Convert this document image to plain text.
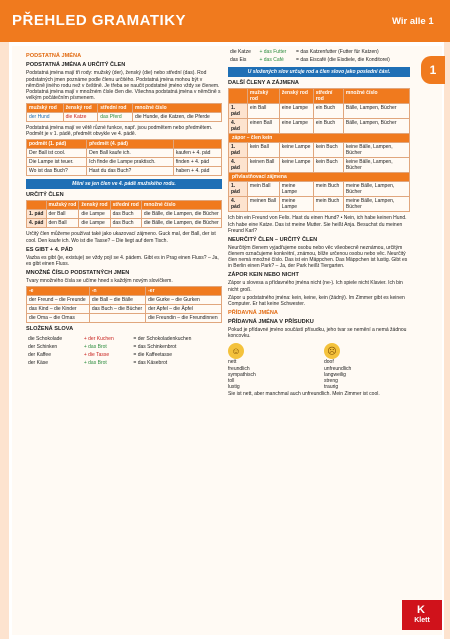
PŘEHLED GRAMATIKY	Wir alle 1
1
PODSTATNÁ JMÉNA
PODSTATNÁ JMÉNA A URČITÝ ČLEN
Podstatná jména mají tři rody: mužský (der), ženský (die) nebo střední (das). Rod podstatných jmen poznáme podle členu určitého. Podstatná jména mohou být v němčině jiného rodu než v češtině. Je třeba se naučit podstatné jméno vždy se členem. Podstatná jména mají v množném čísle člen die. Všechna podstatná jména v němčině s velkým počátečním písmenem.
mužský rod	ženský rod	střední rod	množné číslo
der Hund	die Katze	das Pferd	die Hunde, die Katzen, die Pferde
Podstatná jména mají ve větě různé funkce, např. jsou podmětem nebo předmětem. Podmět je v 1. pádě, předmět obvykle ve 4. pádě.
podmět (1. pád)	předmět (4. pád)	
Der Ball ist cool.	Den Ball kaufe ich.	kaufen + 4. pád
Die Lampe ist teuer.	Ich finde die Lampe praktisch.	finden + 4. pád
Wo ist das Buch?	Hast du das Buch?	haben + 4. pád
Mění se jen člen ve 4. pádě mužského rodu.
URČITÝ ČLEN
	mužský rod	ženský rod	střední rod	množné číslo
1. pád	der Ball	die Lampe	das Buch	die Bälle, die Lampen, die Bücher
4. pád	den Ball	die Lampe	das Buch	die Bälle, die Lampen, die Bücher
Určitý člen můžeme používat také jako ukazovací zájmeno. Guck mal, der Ball, der ist cool. Den kaufe ich. Wo ist die Tasse? – Die liegt auf dem Tisch.
ES GIBT + 4. PÁD
Vazba es gibt (je, existuje) se vždy pojí se 4. pádem. Gibt es in Prag einen Fluss? – Ja, es gibt einen Fluss.
MNOŽNÉ ČÍSLO PODSTATNÝCH JMEN
Tvary množného čísla se učíme hned s každým novým slovíčkem.
-e	-n	-er
der Freund – die Freunde	die Ball – die Bälle	die Gurke – die Gurken
das Kind – die Kinder	das Buch – die Bücher	der Apfel – die Äpfel
die Oma – die Omas		die Freundin – die Freundinnen
SLOŽENÁ SLOVA
die Schokolade	+ der Kuchen	= der Schokoladenkuchen
der Schinken	+ das Brot	= das Schinkenbrot
der Kaffee	+ die Tasse	= die Kaffeetasse
der Käse	+ das Brot	= das Käsebrot
die Katze	+ das Futter	= das Katzenfutter (Futter für Katzen)
das Eis	+ das Café	= das Eiscafé (die Eisdiele, die Konditorei)
U složených slov určuje rod a člen slovo jako poslední část.
DALŠÍ ČLENY A ZÁJMENA
	mužský rod	ženský rod	střední rod	množné číslo
1. pád	ein Ball	eine Lampe	ein Buch	Bälle, Lampen, Bücher
4. pád	einen Ball	eine Lampe	ein Buch	Bälle, Lampen, Bücher
zápor – člen kein				
1. pád	kein Ball	keine Lampe	kein Buch	keine Bälle, Lampen, Bücher
4. pád	keinen Ball	keine Lampe	kein Buch	keine Bälle, Lampen, Bücher
přivlastňovací zájmena				
1. pád	mein Ball	meine Lampe	mein Buch	meine Bälle, Lampen, Bücher
4. pád	meinen Ball	meine Lampe	mein Buch	meine Bälle, Lampen, Bücher
Ich bin ein Freund von Felix. Hast du einen Hund? • Nein, ich habe keinen Hund. Ich habe eine Katze. Das ist meine Mutter. Sie heißt Anja. Besuchst du meinen Freund Karl?
NEURČITÝ ČLEN – URČITÝ ČLEN
Neurčitým členem vyjadřujeme osobu nebo věc všeobecně neznámou, určitým členem označujeme konkrétní, známou, blíže určenou osobu nebo věc. Neurčitý člen nemá množné číslo. Das ist ein Mäppchen. Das Mäppchen ist lustig. Gibt es in Berlin einen Park? – Ja, der Park heißt Tiergarten.
ZÁPOR KEIN NEBO NICHT
Zápor u slovesa a přídavného jména nicht (ne-). Ich spiele nicht Klavier. Ich bin nicht groß.
Zápor u podstatného jména: kein, keine, kein (žádný). Im Zimmer gibt es keinen Computer. Er hat keine Schwester.
PŘÍDAVNÁ JMÉNA
PŘÍDAVNÁ JMÉNA V PŘÍSUDKU
Pokud je přídavné jméno součástí přísudku, jeho tvar se nemění a nemá žádnou koncovku.
☺
nett
freundlich
sympathisch
toll
lustig
☹
doof
unfreundlich
langweilig
streng
traurig
Sie ist nett, aber manchmal auch unfreundlich. Mein Zimmer ist cool.
K
Klett
